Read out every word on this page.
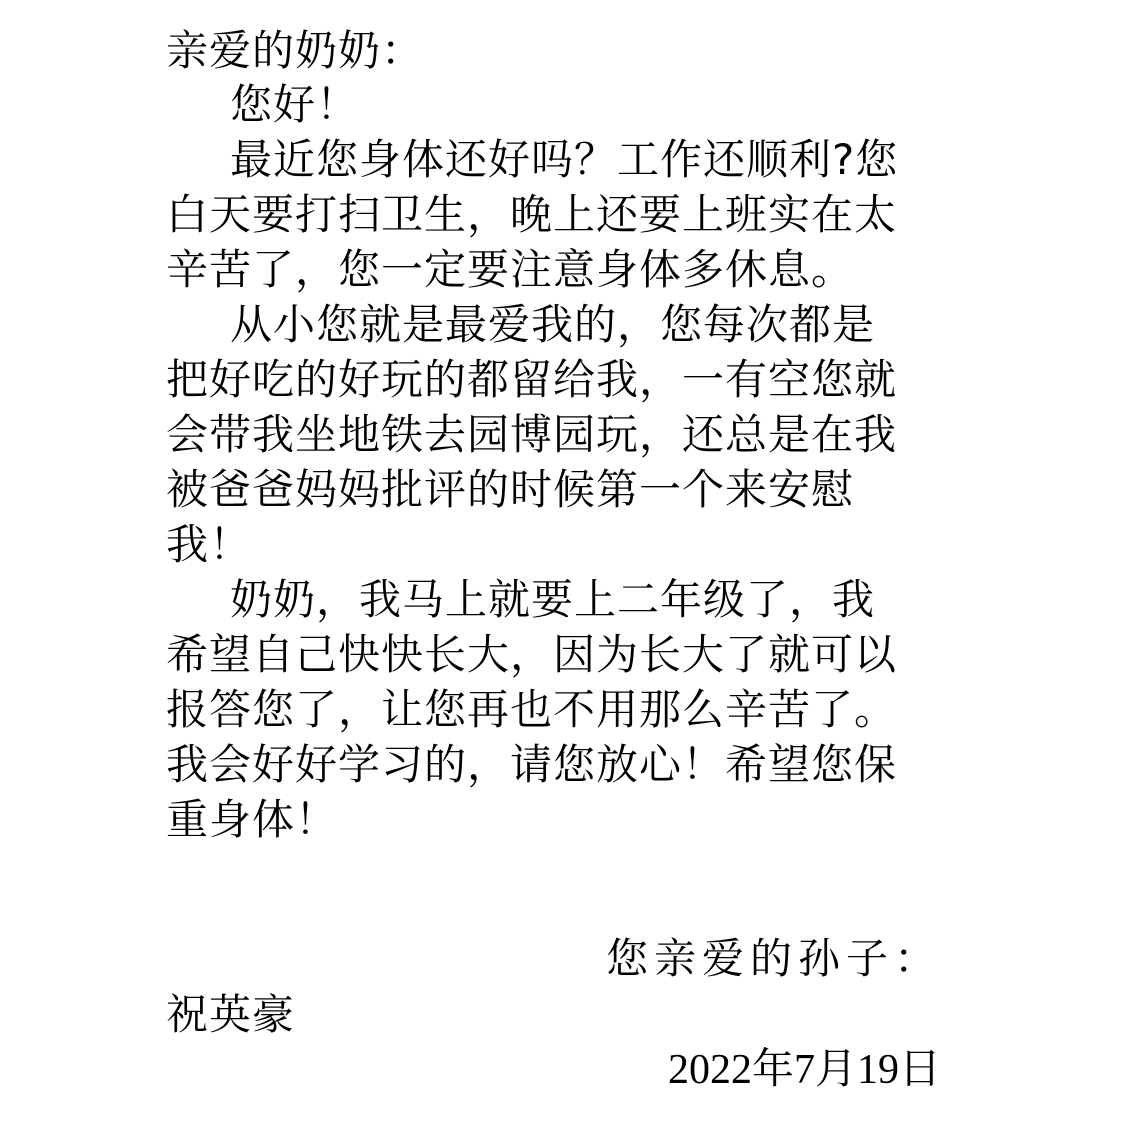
亲爱的奶奶：
您好！
最近您身体还好吗？工作还顺利?您
白天要打扫卫生，晚上还要上班实在太
辛苦了，您一定要注意身体多休息。
从小您就是最爱我的，您每次都是
把好吃的好玩的都留给我，一有空您就
会带我坐地铁去园博园玩，还总是在我
被爸爸妈妈批评的时候第一个来安慰
我！
奶奶，我马上就要上二年级了，我
希望自己快快长大，因为长大了就可以
报答您了，让您再也不用那么辛苦了。
我会好好学习的，请您放心！希望您保
重身体！
您亲爱的孙子：
祝英豪
2022年7月19日
